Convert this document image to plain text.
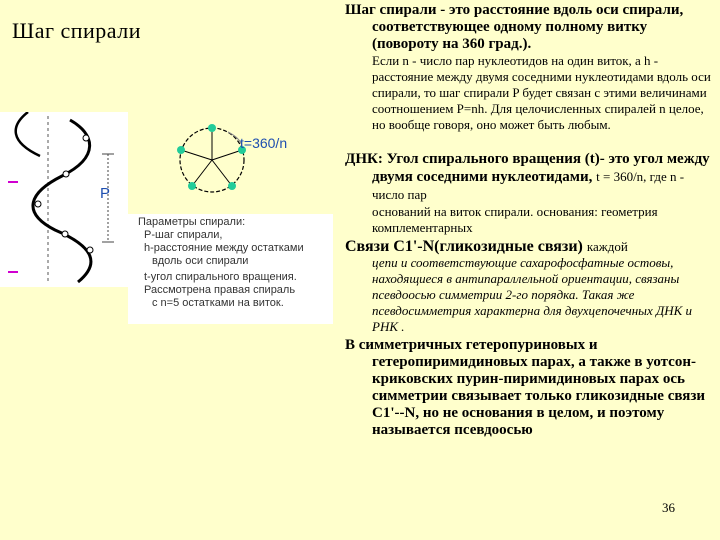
Шаг спирали
P
t=360/n
Параметры спирали:
P-шаг спирали,
h-расстояние между остатками
вдоль оси спирали
t-угол спирального вращения.
Рассмотрена правая спираль
с n=5 остатками на виток.

Шаг спирали - это расстояние вдоль оси спирали, соответствующее одному полному витку (повороту на 360 град.).

Если n - число пар нуклеотидов на один виток, а h - расстояние между двумя соседними нуклеотидами вдоль оси спирали, то шаг спирали P будет связан с этими величинами соотношением P=nh. Для целочисленных спиралей n целое, но вообще говоря, оно может быть любым.

ДНК: Угол спирального вращения (t)- это угол между двумя соседними нуклеотидами, t = 360/n, где n - число пар

оснований на виток спирали. основания: геометрия комплементарных

Связи C1'-N(гликозидные связи) каждой

цепи и соответствующие сахарофосфатные остовы, находящиеся в антипараллельной ориентации, связаны псевдоосью симметрии 2-го порядка. Такая же псевдосимметрия характерна для двухцепочечных ДНК и РНК .

В симметричных гетеропуриновых и гетеропиримидиновых парах, а также в уотсон-криковских пурин-пиримидиновых парах ось симметрии связывает только гликозидные связи C1'--N, но не основания в целом, и поэтому называется псевдоосью

36
